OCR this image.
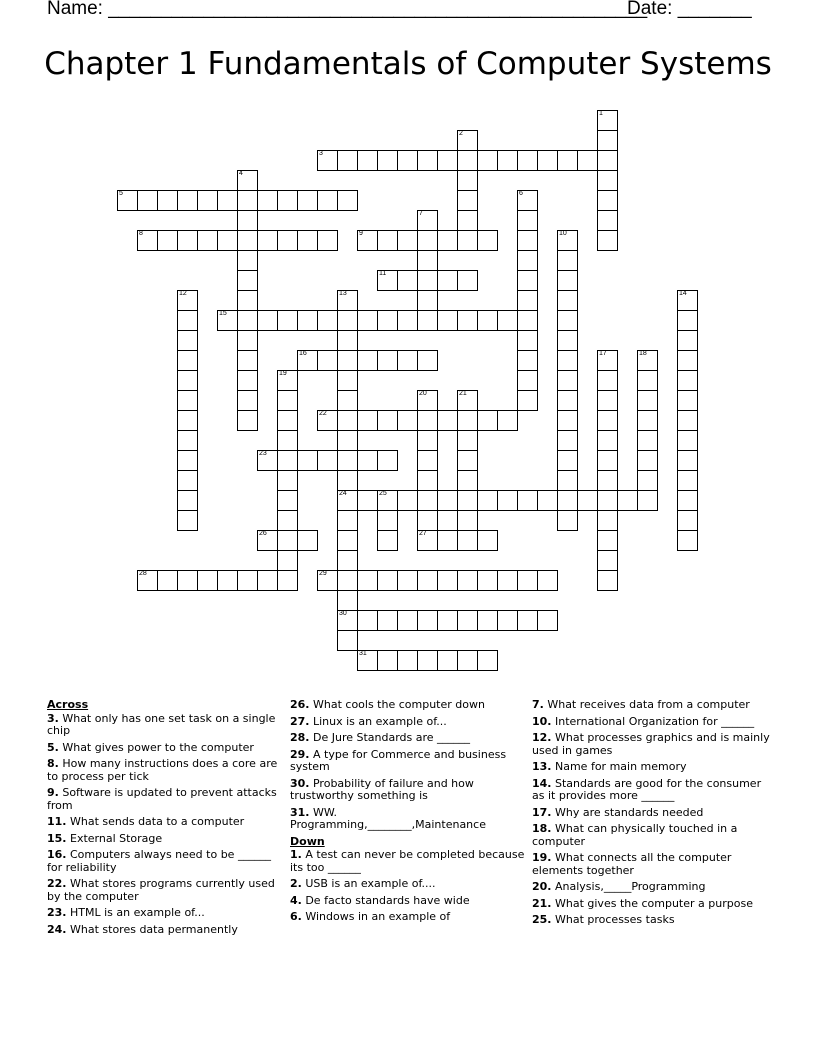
Name: ___________________________________________________
Date: _______
Chapter 1 Fundamentals of Computer Systems
1
2
3
4
5	6
7
8	9	10
11
12	13
24
30
14
15
16	17	18
19
20
27
21
22
23
25
26
28	29
31
Across
3. What only has one set task on a single chip
5. What gives power to the computer
8. How many instructions does a core are to process per tick
9. Software is updated to prevent attacks from
11. What sends data to a computer
15. External Storage
16. Computers always need to be ______ for reliability
22. What stores programs currently used by the computer
23. HTML is an example of...
24. What stores data permanently
26. What cools the computer down
27. Linux is an example of...
28. De Jure Standards are ______
29. A type for Commerce and business system
30. Probability of failure and how trustworthy something is
31. WW. Programming,________,Maintenance
Down
1. A test can never be completed because its too ______
2. USB is an example of....
4. De facto standards have wide
6. Windows in an example of
7. What receives data from a computer
10. International Organization for ______
12. What processes graphics and is mainly used in games
13. Name for main memory
14. Standards are good for the consumer as it provides more ______
17. Why are standards needed
18. What can physically touched in a computer
19. What connects all the computer elements together
20. Analysis,_____Programming
21. What gives the computer a purpose
25. What processes tasks
